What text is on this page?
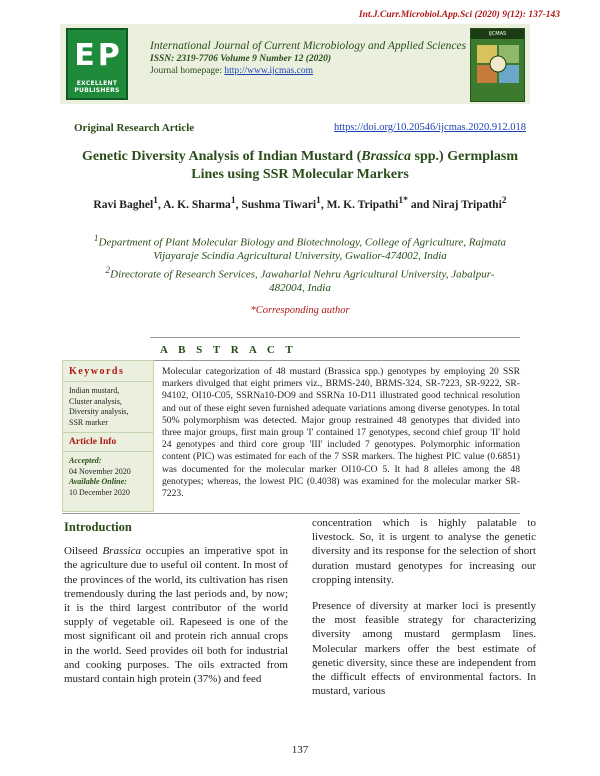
Int.J.Curr.Microbiol.App.Sci (2020) 9(12): 137-143
E P
EXCELLENT
PUBLISHERS
International Journal of Current Microbiology and Applied Sciences
ISSN: 2319-7706 Volume 9 Number 12 (2020)
Journal homepage: http://www.ijcmas.com
IJCMAS
Original Research Article	https://doi.org/10.20546/ijcmas.2020.912.018
Genetic Diversity Analysis of Indian Mustard (Brassica spp.) Germplasm
Lines using SSR Molecular Markers
Ravi Baghel$^1$, A. K. Sharma$^1$, Sushma Tiwari$^1$, M. K. Tripathi$^{1*}$ and Niraj Tripathi$^2$
$^1$Department of Plant Molecular Biology and Biotechnology, College of Agriculture, Rajmata Vijayaraje Scindia Agricultural University, Gwalior-474002, India
$^2$Directorate of Research Services, Jawaharlal Nehru Agricultural University, Jabalpur-482004, India
*Corresponding author
A B S T R A C T
Keywords
Indian mustard,
Cluster analysis,
Diversity analysis,
SSR marker
Article Info
Accepted:
04 November 2020
Available Online:
10 December 2020
Molecular categorization of 48 mustard (Brassica spp.) genotypes by employing 20 SSR markers divulged that eight primers viz., BRMS-240, BRMS-324, SR-7223, SR-9222, SR-94102, OI10-C05, SSRNa10-DO9 and SSRNa 10-D11 illustrated good technical resolution and out of these eight seven furnished adequate variations among diverse genotypes. In total 50% polymorphism was detected. Major group restrained 48 genotypes that divided into three major groups, first main group 'I' contained 17 genotypes, second chief group 'II' hold 24 genotypes and third core group 'III' included 7 genotypes. Polymorphic information content (PIC) was estimated for each of the 7 SSR markers. The highest PIC value (0.6851) was documented for the molecular marker OI10-CO 5. It had 8 alleles among the 48 genotypes; whereas, the lowest PIC (0.4038) was examined for the molecular marker SR-7223.
Introduction

Oilseed Brassica occupies an imperative spot in the agriculture due to useful oil content. In most of the provinces of the world, its cultivation has risen tremendously during the last periods and, by now; it is the third largest contributor of the world supply of vegetable oil. Rapeseed is one of the most significant oil and protein rich annual crops in the world. Seed provides oil both for industrial and cooking purposes. The oils extracted from mustard contain high protein (37%) and feed

concentration which is highly palatable to livestock. So, it is urgent to analyse the genetic diversity and its response for the selection of short duration mustard genotypes for increasing our cropping intensity.

Presence of diversity at marker loci is presently the most feasible strategy for characterizing diversity among mustard germplasm lines. Molecular markers offer the best estimate of genetic diversity, since these are independent from the difficult effects of environmental factors. In mustard, various

137
